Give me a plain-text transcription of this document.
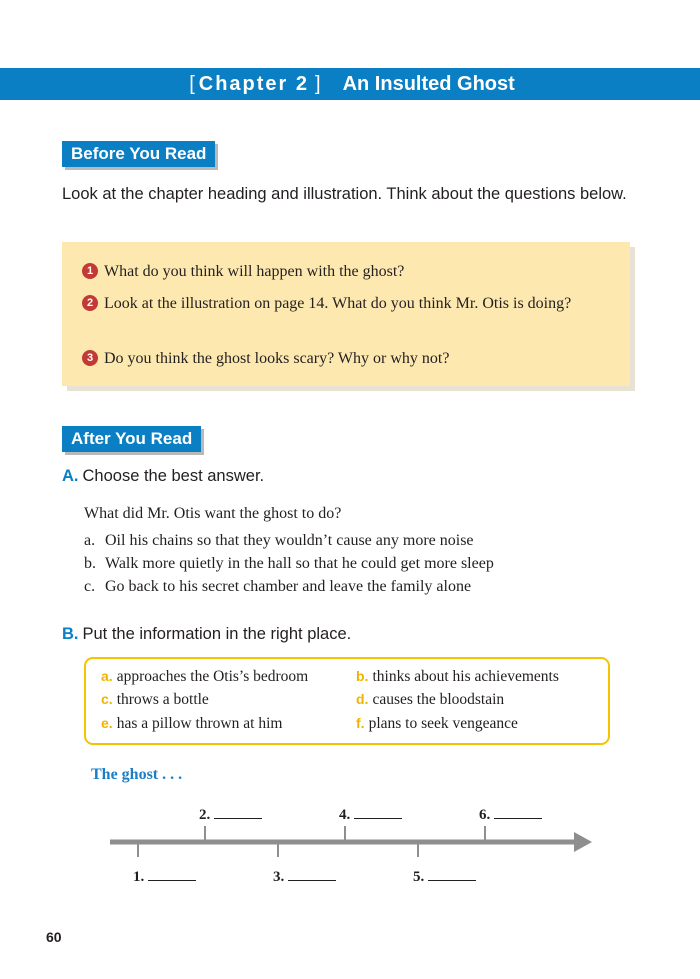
[ Chapter 2 ] An Insulted Ghost
Before You Read
Look at the chapter heading and illustration. Think about the questions below.
1 What do you think will happen with the ghost?
2 Look at the illustration on page 14. What do you think Mr. Otis is doing?
3 Do you think the ghost looks scary? Why or why not?
After You Read
A. Choose the best answer.
What did Mr. Otis want the ghost to do?
a. Oil his chains so that they wouldn’t cause any more noise
b. Walk more quietly in the hall so that he could get more sleep
c. Go back to his secret chamber and leave the family alone
B. Put the information in the right place.
a. approaches the Otis’s bedroom	b. thinks about his achievements
c. throws a bottle	d. causes the bloodstain
e. has a pillow thrown at him	f. plans to seek vengeance
The ghost . . .
2.	4.	6.
1.	3.	5.
60
